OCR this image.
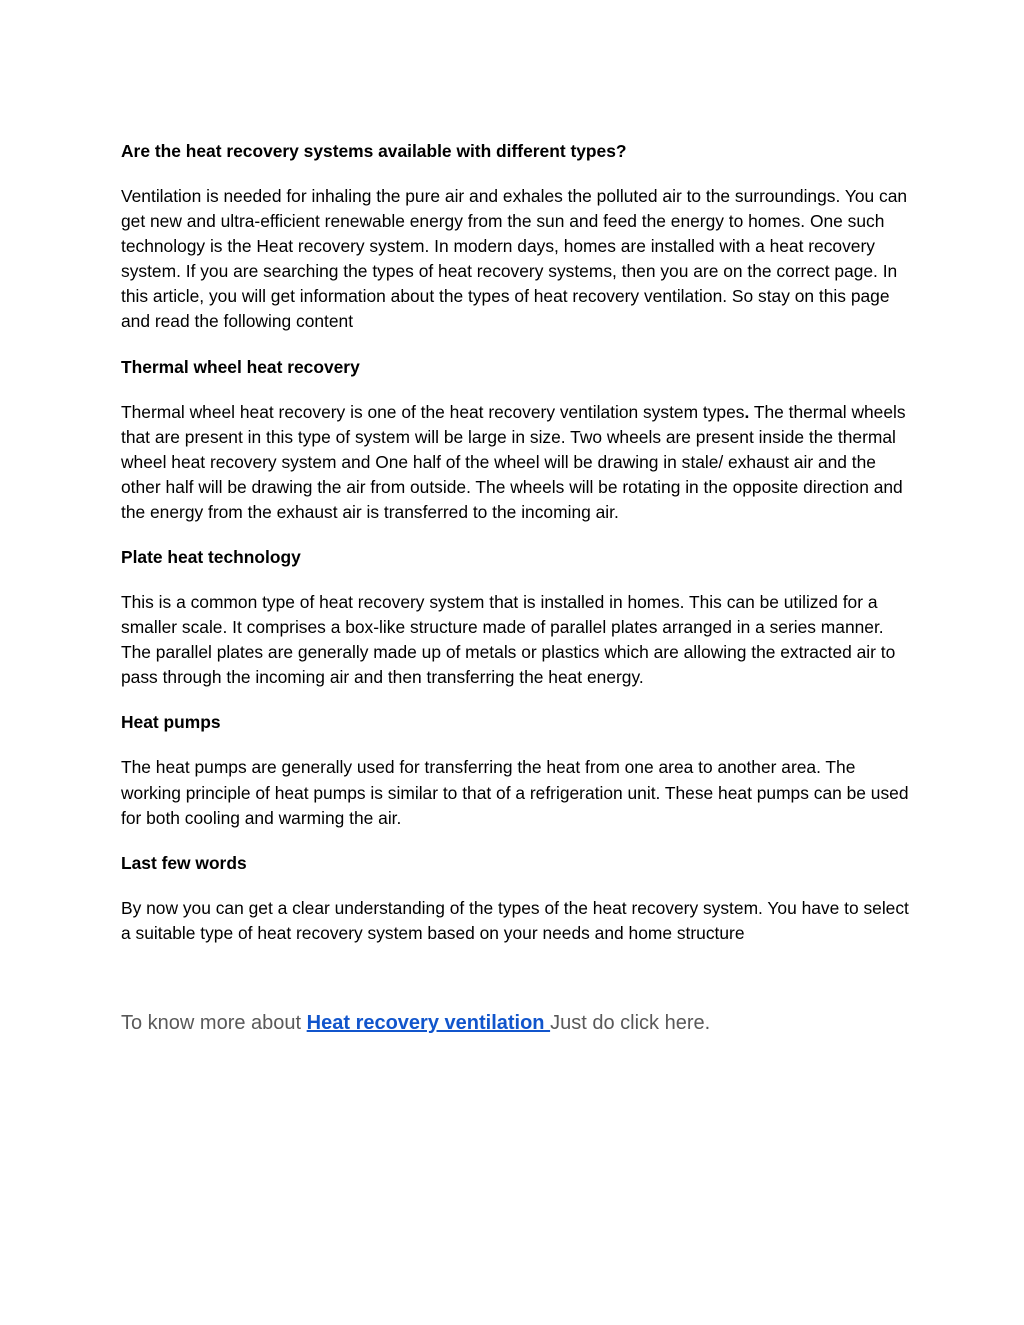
Are the heat recovery systems available with different types?

Ventilation is needed for inhaling the pure air and exhales the polluted air to the surroundings. You can get new and ultra-efficient renewable energy from the sun and feed the energy to homes. One such technology is the Heat recovery system. In modern days, homes are installed with a heat recovery system. If you are searching the types of heat recovery systems, then you are on the correct page. In this article, you will get information about the types of heat recovery ventilation. So stay on this page and read the following content

Thermal wheel heat recovery

Thermal wheel heat recovery is one of the heat recovery ventilation system types. The thermal wheels that are present in this type of system will be large in size. Two wheels are present inside the thermal wheel heat recovery system and One half of the wheel will be drawing in stale/ exhaust air and the other half will be drawing the air from outside. The wheels will be rotating in the opposite direction and the energy from the exhaust air is transferred to the incoming air.

Plate heat technology

This is a common type of heat recovery system that is installed in homes. This can be utilized for a smaller scale. It comprises a box-like structure made of parallel plates arranged in a series manner. The parallel plates are generally made up of metals or plastics which are allowing the extracted air to pass through the incoming air and then transferring the heat energy.

Heat pumps

The heat pumps are generally used for transferring the heat from one area to another area. The working principle of heat pumps is similar to that of a refrigeration unit. These heat pumps can be used for both cooling and warming the air.

Last few words

By now you can get a clear understanding of the types of the heat recovery system. You have to select a suitable type of heat recovery system based on your needs and home structure

To know more about Heat recovery ventilation Just do click here.
